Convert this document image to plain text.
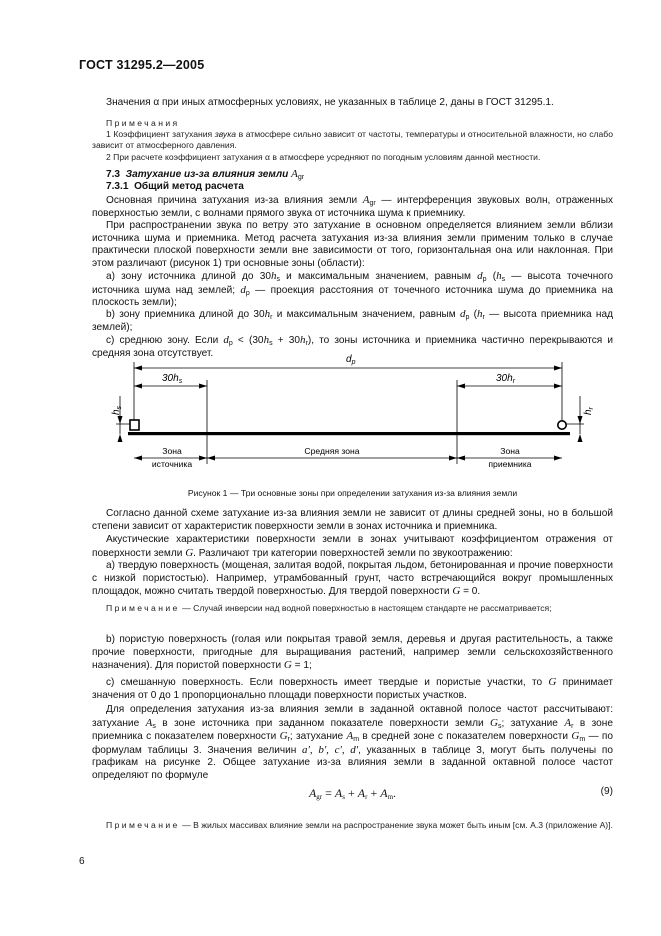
ГОСТ 31295.2—2005
Значения α при иных атмосферных условиях, не указанных в таблице 2, даны в ГОСТ 31295.1.

Примечания

1 Коэффициент затухания звука в атмосфере сильно зависит от частоты, температуры и относительной влажности, но слабо зависит от атмосферного давления.

2 При расчете коэффициент затухания α в атмосфере усредняют по погодным условиям данной местности.

7.3 Затухание из-за влияния земли $A_{gr}$
7.3.1 Общий метод расчета
Основная причина затухания из-за влияния земли $A_{gr}$ — интерференция звуковых волн, отраженных поверхностью земли, с волнами прямого звука от источника шума к приемнику.
При распространении звука по ветру это затухание в основном определяется влиянием земли вблизи источника шума и приемника. Метод расчета затухания из-за влияния земли применим только в случае практически плоской поверхности земли вне зависимости от того, горизонтальная она или наклонная. При этом различают (рисунок 1) три основные зоны (области):
a) зону источника длиной до $30h_s$ и максимальным значением, равным $d_p$ ($h_s$ — высота точечного источника шума над землей; $d_p$ — проекция расстояния от точечного источника шума до приемника на плоскость земли);
b) зону приемника длиной до $30h_r$ и максимальным значением, равным $d_p$ ($h_r$ — высота приемника над землей);
c) среднюю зону. Если $d_p < (30h_s + 30h_r)$, то зоны источника и приемника частично перекрываются и средняя зона отсутствует.
$d_p$
$30h_s$	$30h_r$
$h_s$
$h_r$
Зона
источника
Средняя зона	Зона
приемника
Рисунок 1 — Три основные зоны при определении затухания из-за влияния земли
Согласно данной схеме затухание из-за влияния земли не зависит от длины средней зоны, но в большой степени зависит от характеристик поверхности земли в зонах источника и приемника.
Акустические характеристики поверхности земли в зонах учитывают коэффициентом отражения от поверхности земли G. Различают три категории поверхностей земли по звукоотражению:
a) твердую поверхность (мощеная, залитая водой, покрытая льдом, бетонированная и прочие поверхности с низкой пористостью). Например, утрамбованный грунт, часто встречающийся вокруг промышленных площадок, можно считать твердой поверхностью. Для твердой поверхности G = 0.
Примечание — Случай инверсии над водной поверхностью в настоящем стандарте не рассматривается;
b) пористую поверхность (голая или покрытая травой земля, деревья и другая растительность, а также прочие поверхности, пригодные для выращивания растений, например земли сельскохозяйственного назначения). Для пористой поверхности G = 1;
c) смешанную поверхность. Если поверхность имеет твердые и пористые участки, то G принимает значения от 0 до 1 пропорционально площади поверхности пористых участков.
Для определения затухания из-за влияния земли в заданной октавной полосе частот рассчитывают: затухание $A_s$ в зоне источника при заданном показателе поверхности земли $G_s$; затухание $A_r$ в зоне приемника с показателем поверхности $G_r$; затухание $A_m$ в средней зоне с показателем поверхности $G_m$ — по формулам таблицы 3. Значения величин a', b', c', d', указанных в таблице 3, могут быть получены по графикам на рисунке 2. Общее затухание из-за влияния земли в заданной октавной полосе частот определяют по формуле
$A_{gr} = A_s + A_r + A_m$.	(9)
Примечание — В жилых массивах влияние земли на распространение звука может быть иным [см. А.3 (приложение А)].
6
